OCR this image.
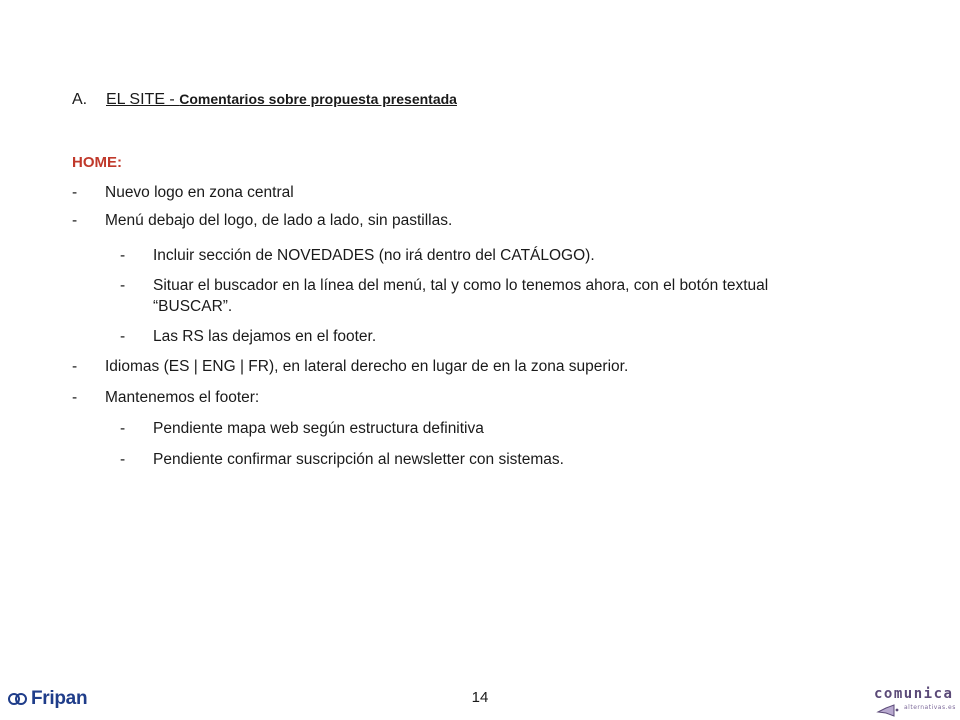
A.	EL SITE - Comentarios sobre propuesta presentada
HOME:
-	Nuevo logo en zona central
-	Menú debajo del logo, de lado a lado, sin pastillas.
-	Incluir sección de NOVEDADES (no irá dentro del CATÁLOGO).
-	Situar el buscador en la línea del menú, tal y como lo tenemos ahora, con el botón textual “BUSCAR”.
-	Las RS las dejamos en el footer.
-	Idiomas (ES | ENG | FR), en lateral derecho en lugar de en la zona superior.
-	Mantenemos el footer:
-	Pendiente mapa web según estructura definitiva
-	Pendiente confirmar suscripción al newsletter con sistemas.
14
Fripan	comunica
alternativas.es
